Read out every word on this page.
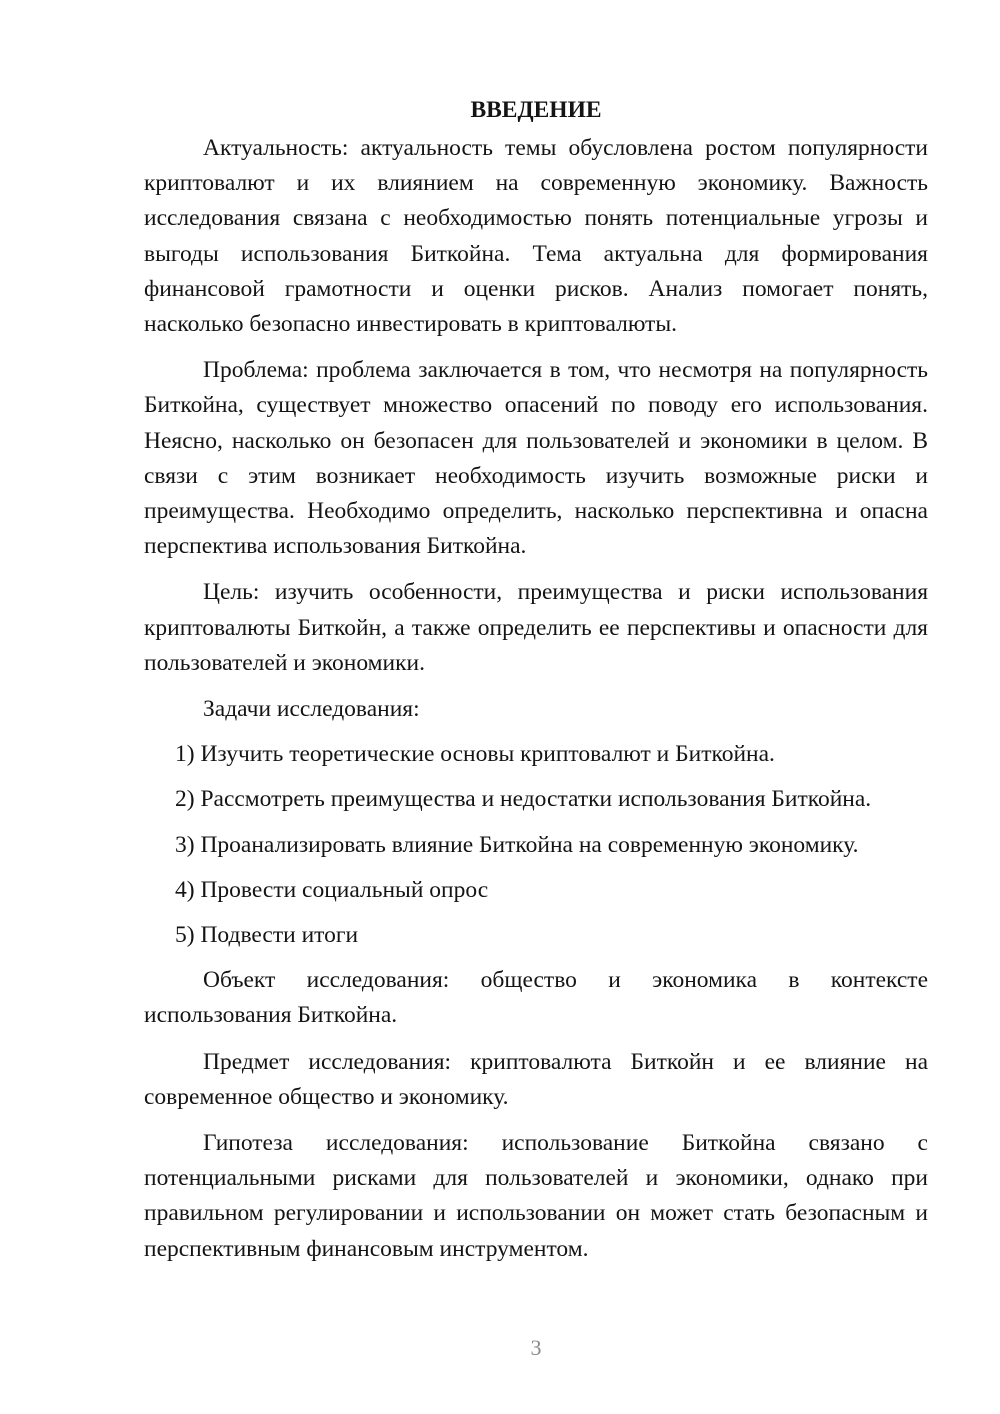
ВВЕДЕНИЕ

Актуальность: актуальность темы обусловлена ростом популярности криптовалют и их влиянием на современную экономику. Важность исследования связана с необходимостью понять потенциальные угрозы и выгоды использования Биткойна. Тема актуальна для формирования финансовой грамотности и оценки рисков. Анализ помогает понять, насколько безопасно инвестировать в криптовалюты.

Проблема: проблема заключается в том, что несмотря на популярность Биткойна, существует множество опасений по поводу его использования. Неясно, насколько он безопасен для пользователей и экономики в целом. В связи с этим возникает необходимость изучить возможные риски и преимущества. Необходимо определить, насколько перспективна и опасна перспектива использования Биткойна.

Цель: изучить особенности, преимущества и риски использования криптовалюты Биткойн, а также определить ее перспективы и опасности для пользователей и экономики.

Задачи исследования:

1) Изучить теоретические основы криптовалют и Биткойна.
2) Рассмотреть преимущества и недостатки использования Биткойна.
3) Проанализировать влияние Биткойна на современную экономику.
4) Провести социальный опрос
5) Подвести итоги

Объект исследования: общество и экономика в контексте использования Биткойна.

Предмет исследования: криптовалюта Биткойн и ее влияние на современное общество и экономику.

Гипотеза исследования: использование Биткойна связано с потенциальными рисками для пользователей и экономики, однако при правильном регулировании и использовании он может стать безопасным и перспективным финансовым инструментом.

3
